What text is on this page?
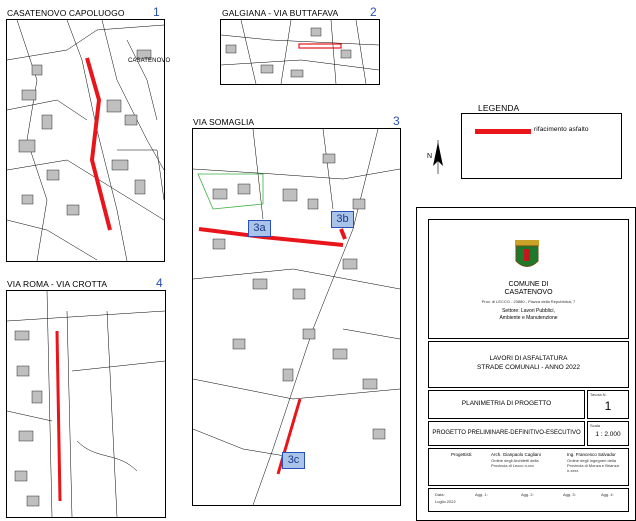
CASATENOVO CAPOLUOGO 1
CASATENOVO
GALGIANA - VIA BUTTAFAVA	2
VIA SOMAGLIA	3
3a
3b
3c
VIA ROMA - VIA CROTTA	4
LEGENDA
rifacimento asfalto
N
COMUNE DI
CASATENOVO
Prov. di LECCO - 23880 - Piazza della Repubblica, 7
Settore: Lavori Pubblici,
Ambiente e Manutenzione
LAVORI DI ASFALTATURA
STRADE COMUNALI - ANNO 2022
PLANIMETRIA DI PROGETTO
Tavola N.
1
PROGETTO PRELIMINARE-DEFINITIVO-ESECUTIVO
Scala
1 : 2.000
Progettisti:	Arch. Gianpaolo Cagliani
Ordine degli Architetti della Provincia di Lecco n.xxx
Ing. Francesco Salvador
Ordine degli Ingegneri della Provincia di Monza e Brianza n.xxxx
Data:
Luglio 2022
Agg. 1:	Agg. 2:	Agg. 3:	Agg. 4:
